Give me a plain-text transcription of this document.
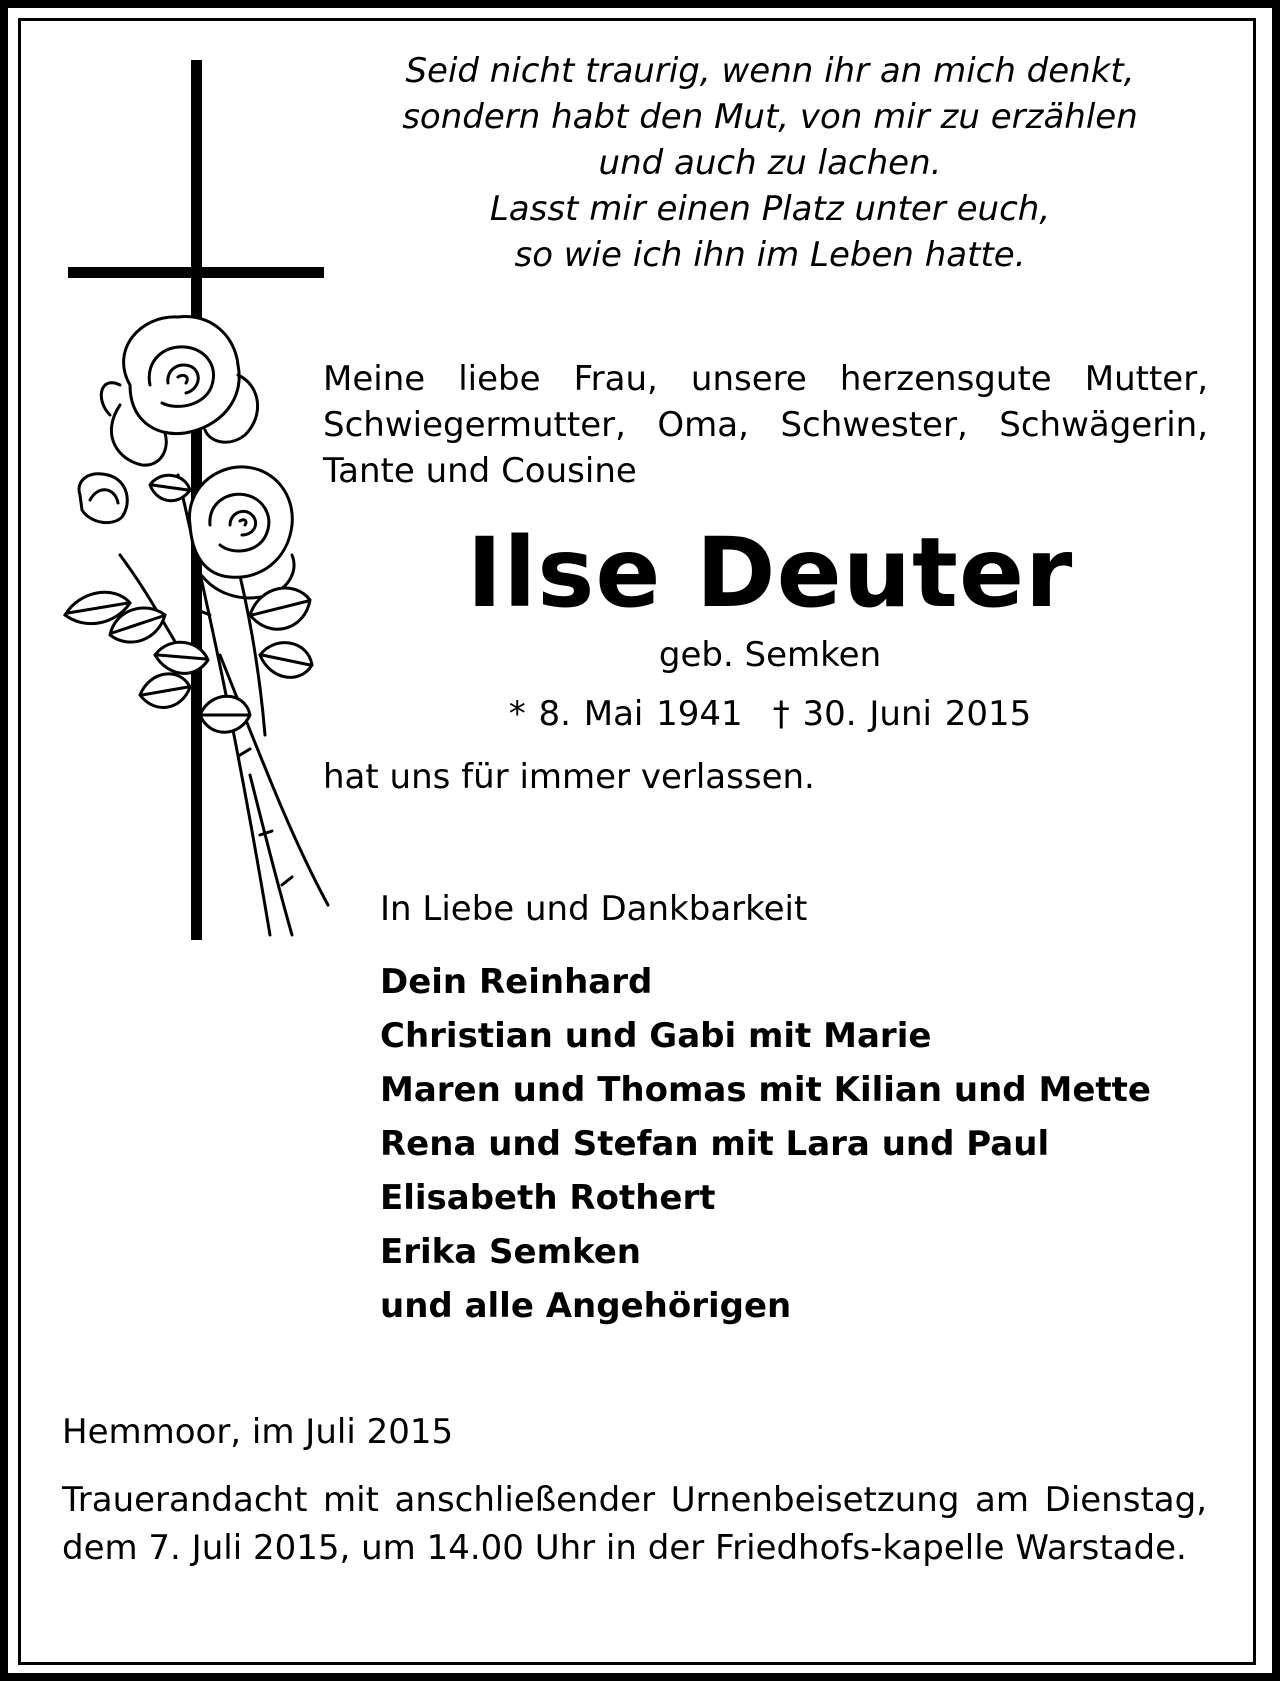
Seid nicht traurig, wenn ihr an mich denkt,
sondern habt den Mut, von mir zu erzählen
und auch zu lachen.
Lasst mir einen Platz unter euch,
so wie ich ihn im Leben hatte.
Meine liebe Frau, unsere herzensgute Mutter, Schwiegermutter, Oma, Schwester, Schwägerin, Tante und Cousine
Ilse Deuter
geb. Semken
* 8. Mai 1941 † 30. Juni 2015
hat uns für immer verlassen.
In Liebe und Dankbarkeit
Dein Reinhard
Christian und Gabi mit Marie
Maren und Thomas mit Kilian und Mette
Rena und Stefan mit Lara und Paul
Elisabeth Rothert
Erika Semken
und alle Angehörigen
Hemmoor, im Juli 2015
Trauerandacht mit anschließender Urnenbeisetzung am Dienstag, dem 7. Juli 2015, um 14.00 Uhr in der Friedhofs-kapelle Warstade.
